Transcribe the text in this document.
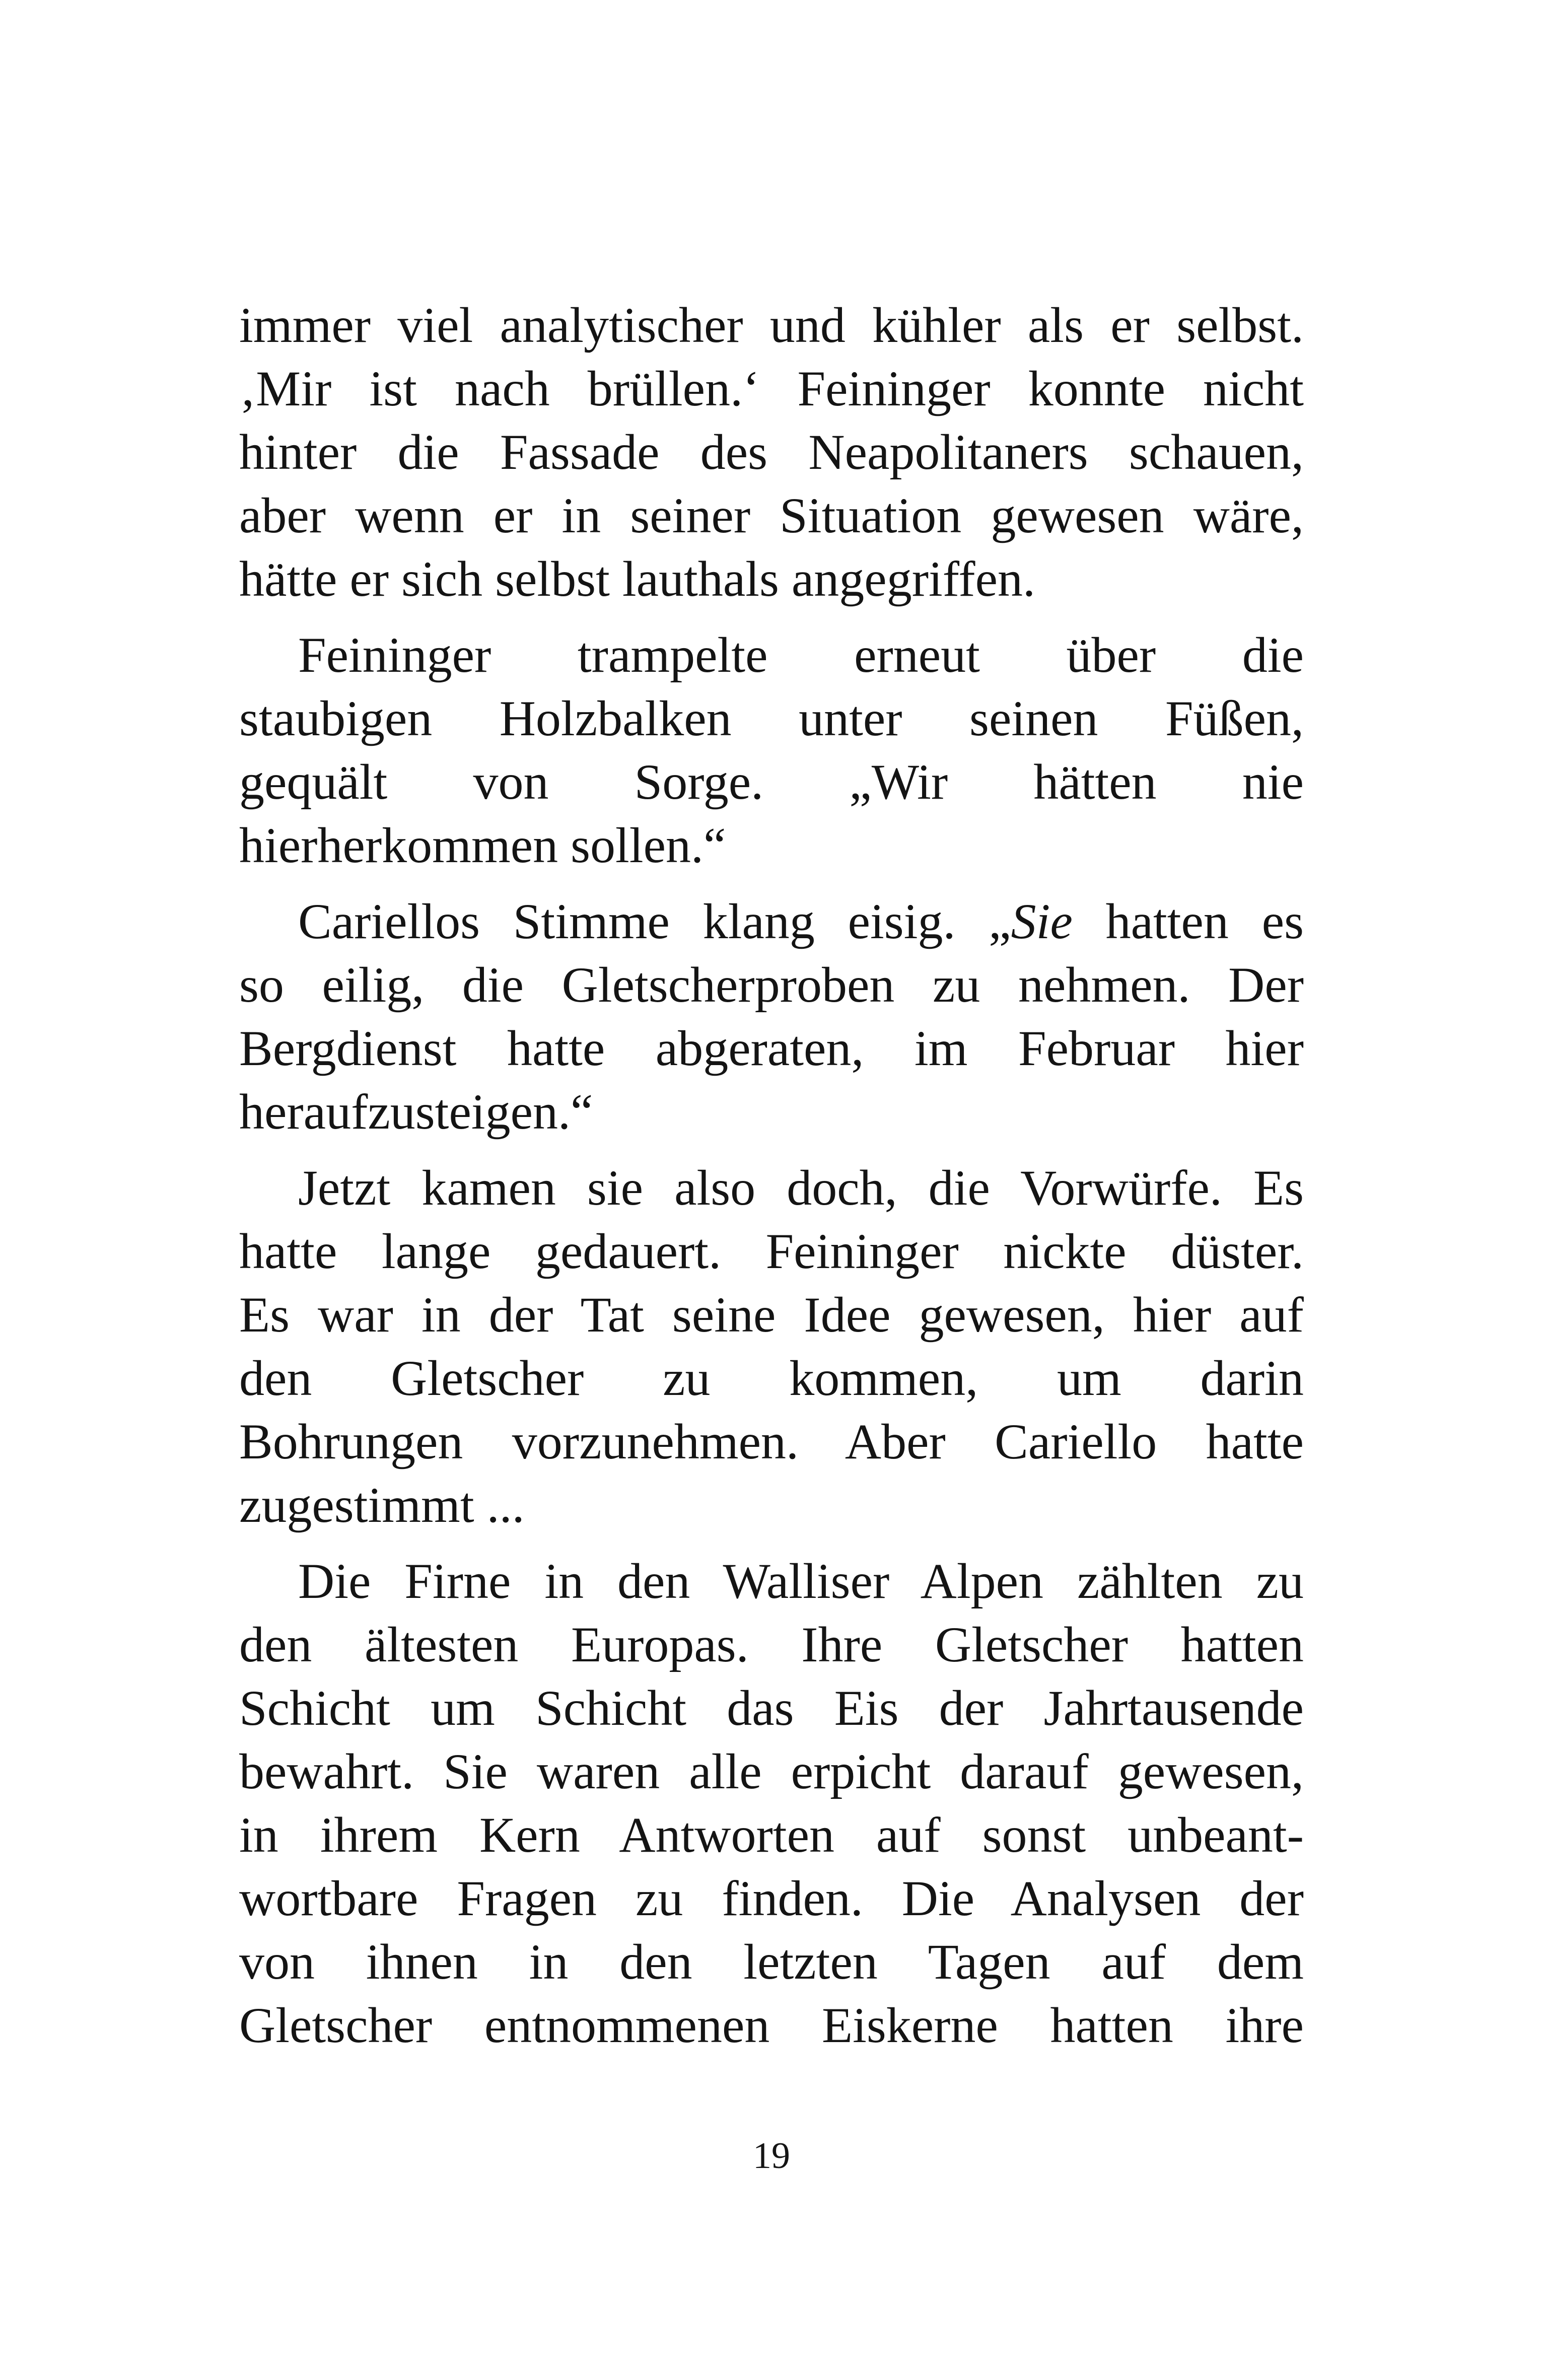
immer viel analytischer und kühler als er selbst.
‚Mir ist nach brüllen.‘ Feininger konnte nicht
hinter die Fassade des Neapolitaners schauen,
aber wenn er in seiner Situation gewesen wäre,
hätte er sich selbst lauthals angegriffen.
Feininger trampelte erneut über die
staubigen Holzbalken unter seinen Füßen,
gequält von Sorge. „Wir hätten nie
hierherkommen sollen.“
Cariellos Stimme klang eisig. „Sie hatten es
so eilig, die Gletscherproben zu nehmen. Der
Bergdienst hatte abgeraten, im Februar hier
heraufzusteigen.“
Jetzt kamen sie also doch, die Vorwürfe. Es
hatte lange gedauert. Feininger nickte düster.
Es war in der Tat seine Idee gewesen, hier auf
den Gletscher zu kommen, um darin
Bohrungen vorzunehmen. Aber Cariello hatte
zugestimmt ...
Die Firne in den Walliser Alpen zählten zu
den ältesten Europas. Ihre Gletscher hatten
Schicht um Schicht das Eis der Jahrtausende
bewahrt. Sie waren alle erpicht darauf gewesen,
in ihrem Kern Antworten auf sonst unbeant-
wortbare Fragen zu finden. Die Analysen der
von ihnen in den letzten Tagen auf dem
Gletscher entnommenen Eiskerne hatten ihre
19
